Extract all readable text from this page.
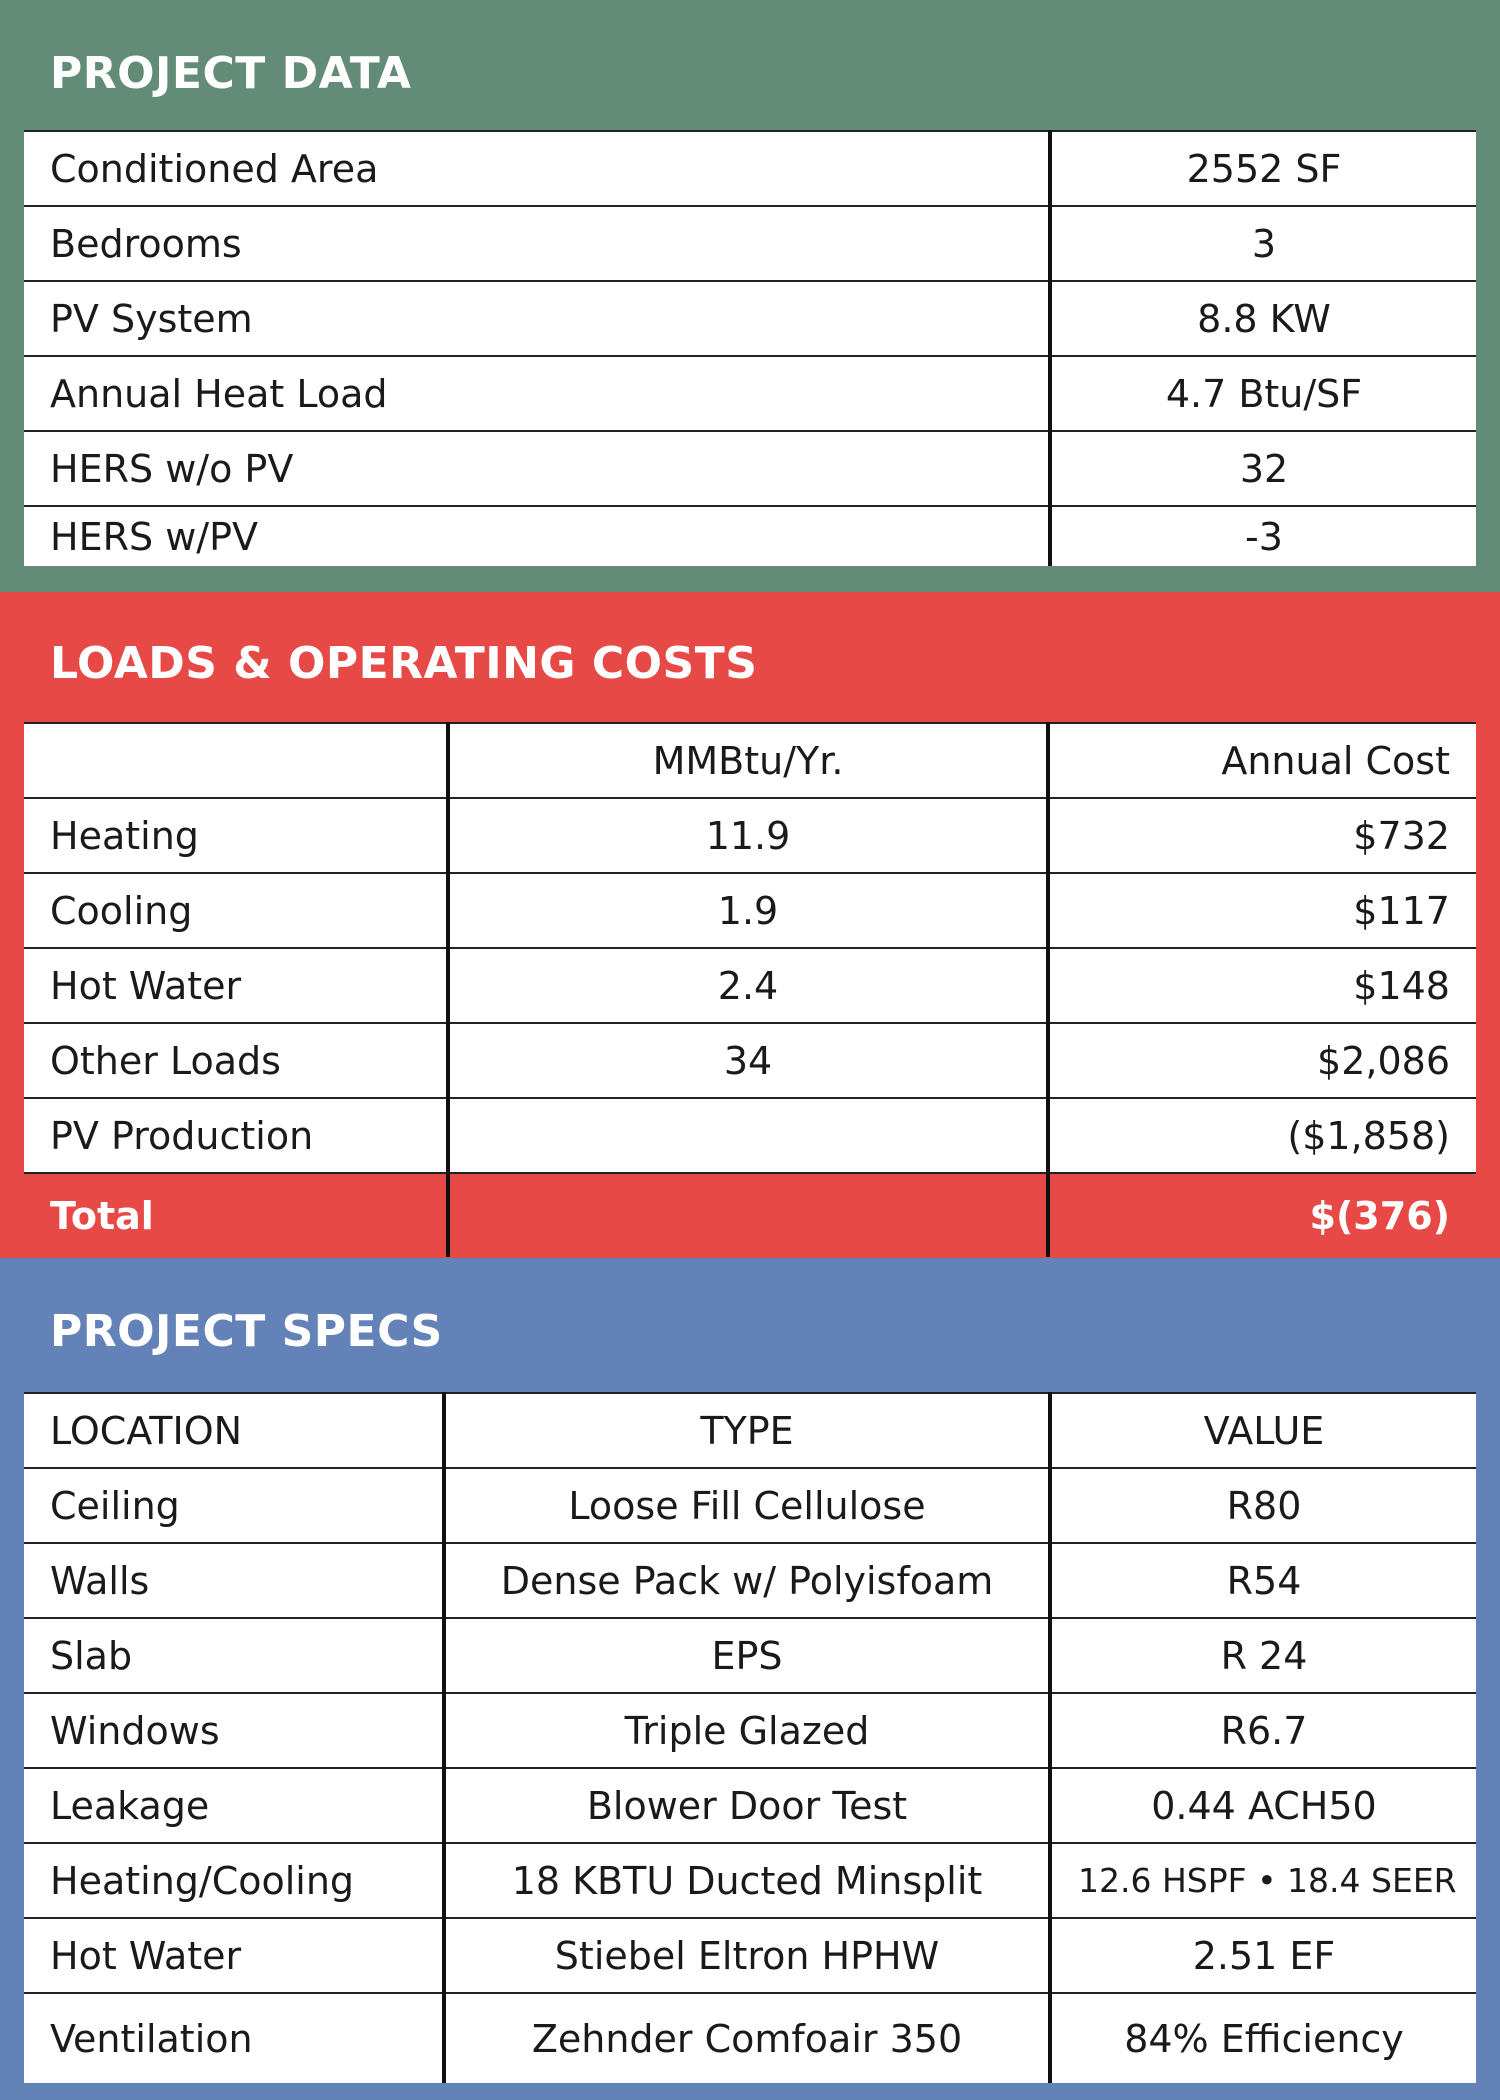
PROJECT DATA
Conditioned Area	2552 SF
Bedrooms	3
PV System	8.8 KW
Annual Heat Load	4.7 Btu/SF
HERS w/o PV	32
HERS w/PV	-3
LOADS & OPERATING COSTS
	MMBtu/Yr.	Annual Cost
Heating	11.9	$732
Cooling	1.9	$117
Hot Water	2.4	$148
Other Loads	34	$2,086
PV Production		($1,858)
Total		$(376)
PROJECT SPECS
LOCATION	TYPE	VALUE
Ceiling	Loose Fill Cellulose	R80
Walls	Dense Pack w/ Polyisfoam	R54
Slab	EPS	R 24
Windows	Triple Glazed	R6.7
Leakage	Blower Door Test	0.44 ACH50
Heating/Cooling	18 KBTU Ducted Minsplit	12.6 HSPF • 18.4 SEER
Hot Water	Stiebel Eltron HPHW	2.51 EF
Ventilation	Zehnder Comfoair 350	84% Efficiency
